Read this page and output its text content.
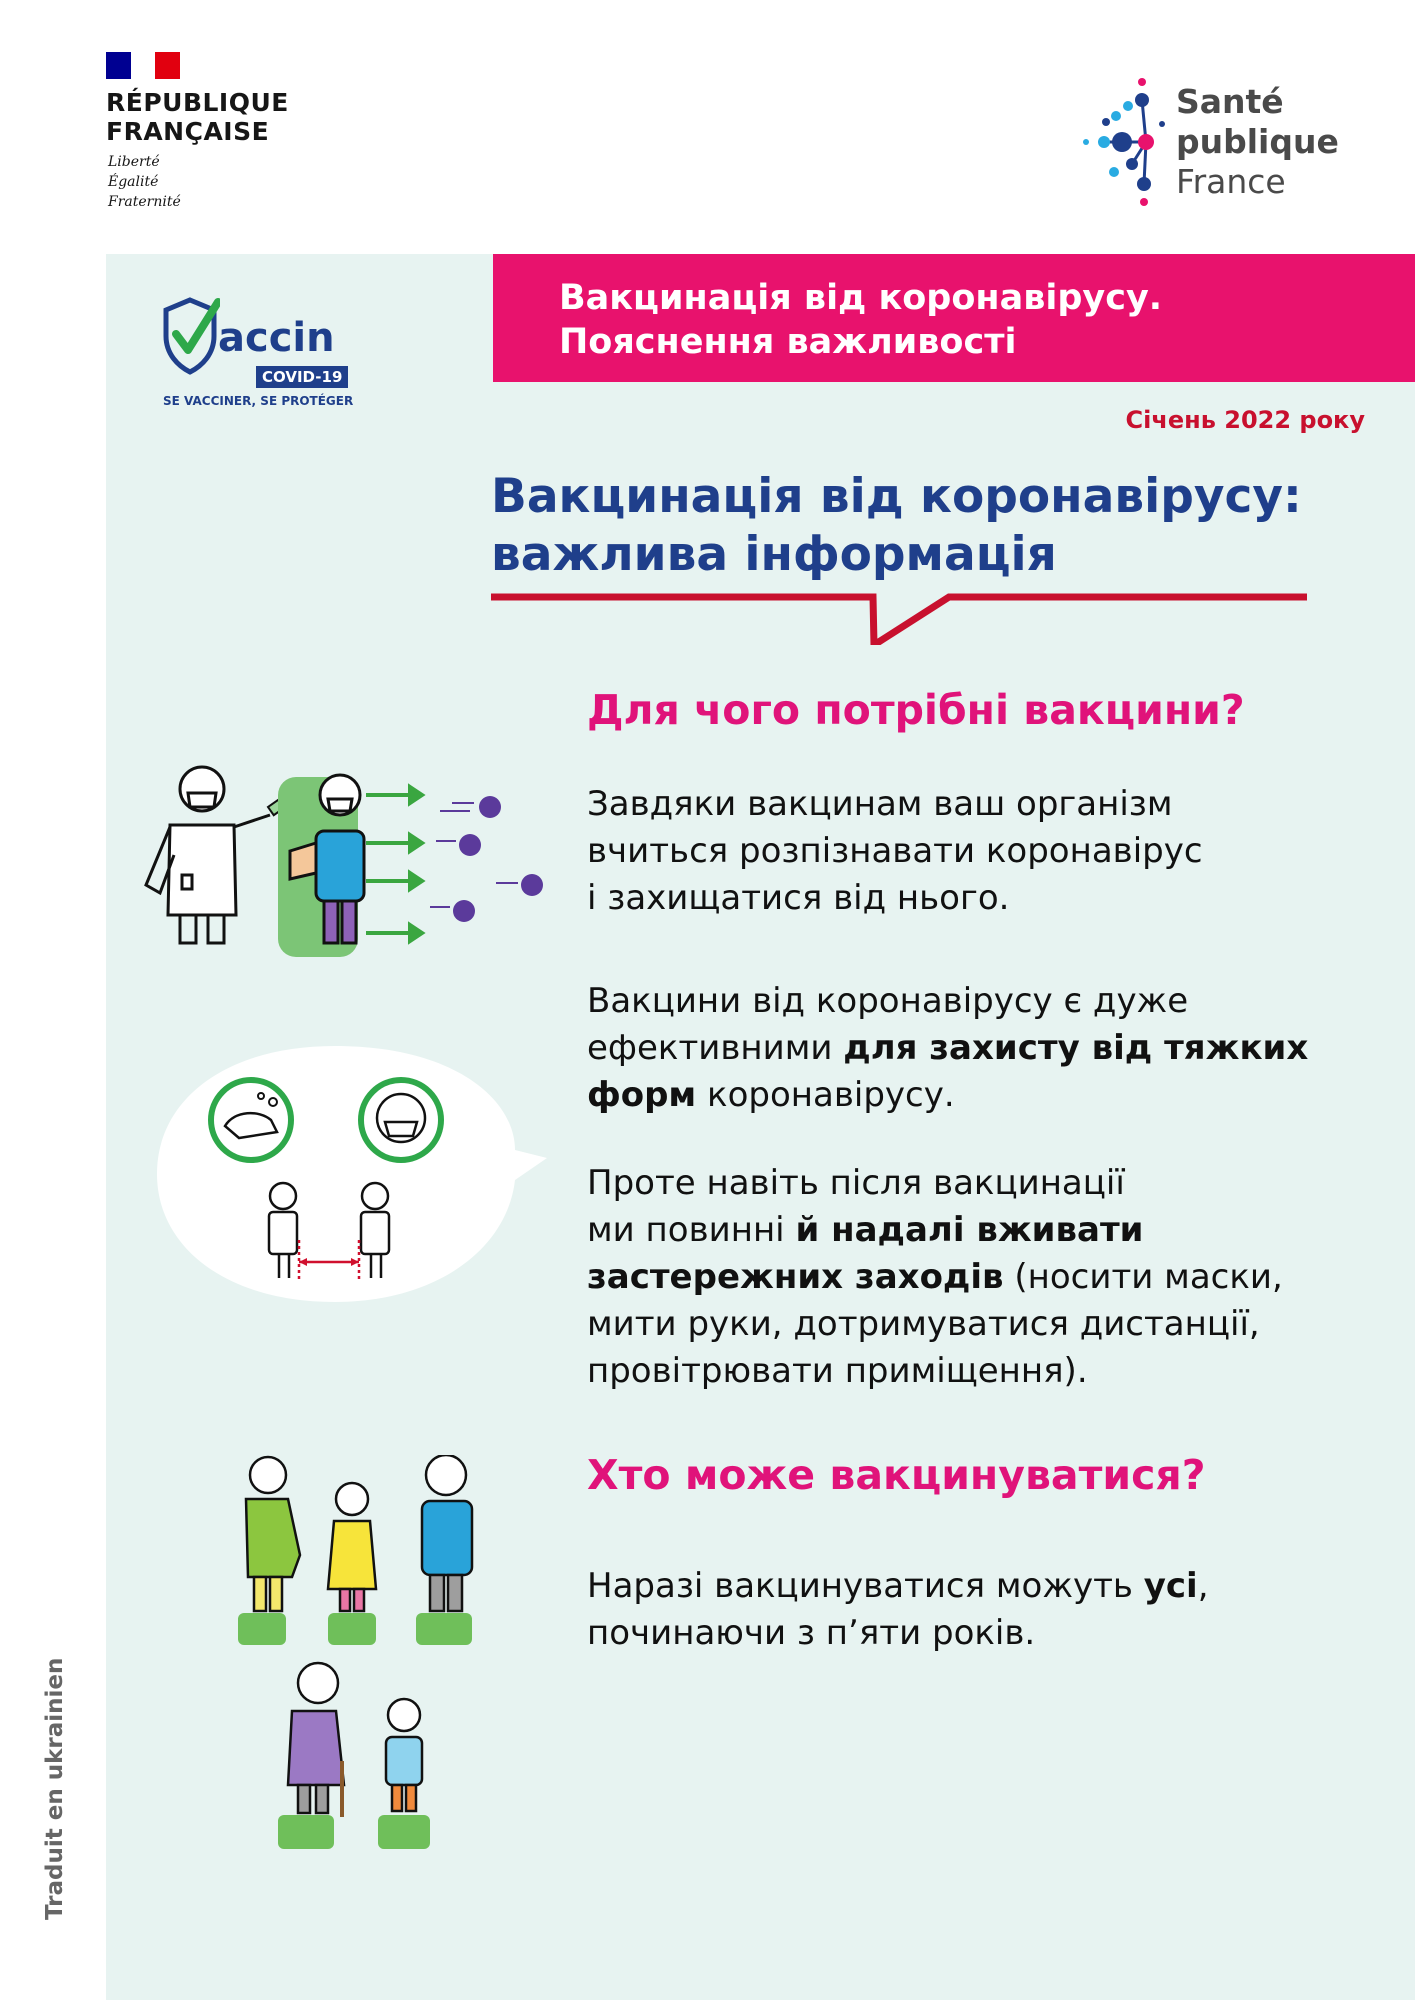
RÉPUBLIQUE
FRANÇAISE
Liberté
Égalité
Fraternité
Santé
publique
France
Вакцинація від коронавірусу.
Пояснення важливості
accin
COVID-19
SE VACCINER, SE PROTÉGER
Січень 2022 року
Вакцинація від коронавірусу:
важлива інформація
Для чого потрібні вакцини?
Завдяки вакцинам ваш організм
вчиться розпізнавати коронавірус
і захищатися від нього.
Вакцини від коронавірусу є дуже
ефективними для захисту від тяжких
форм коронавірусу.
Проте навіть після вакцинації
ми повинні й надалі вживати
застережних заходів (носити маски,
мити руки, дотримуватися дистанції,
провітрювати приміщення).
Хто може вакцинуватися?
Наразі вакцинуватися можуть усі,
починаючи з п’яти років.
Traduit en ukrainien
